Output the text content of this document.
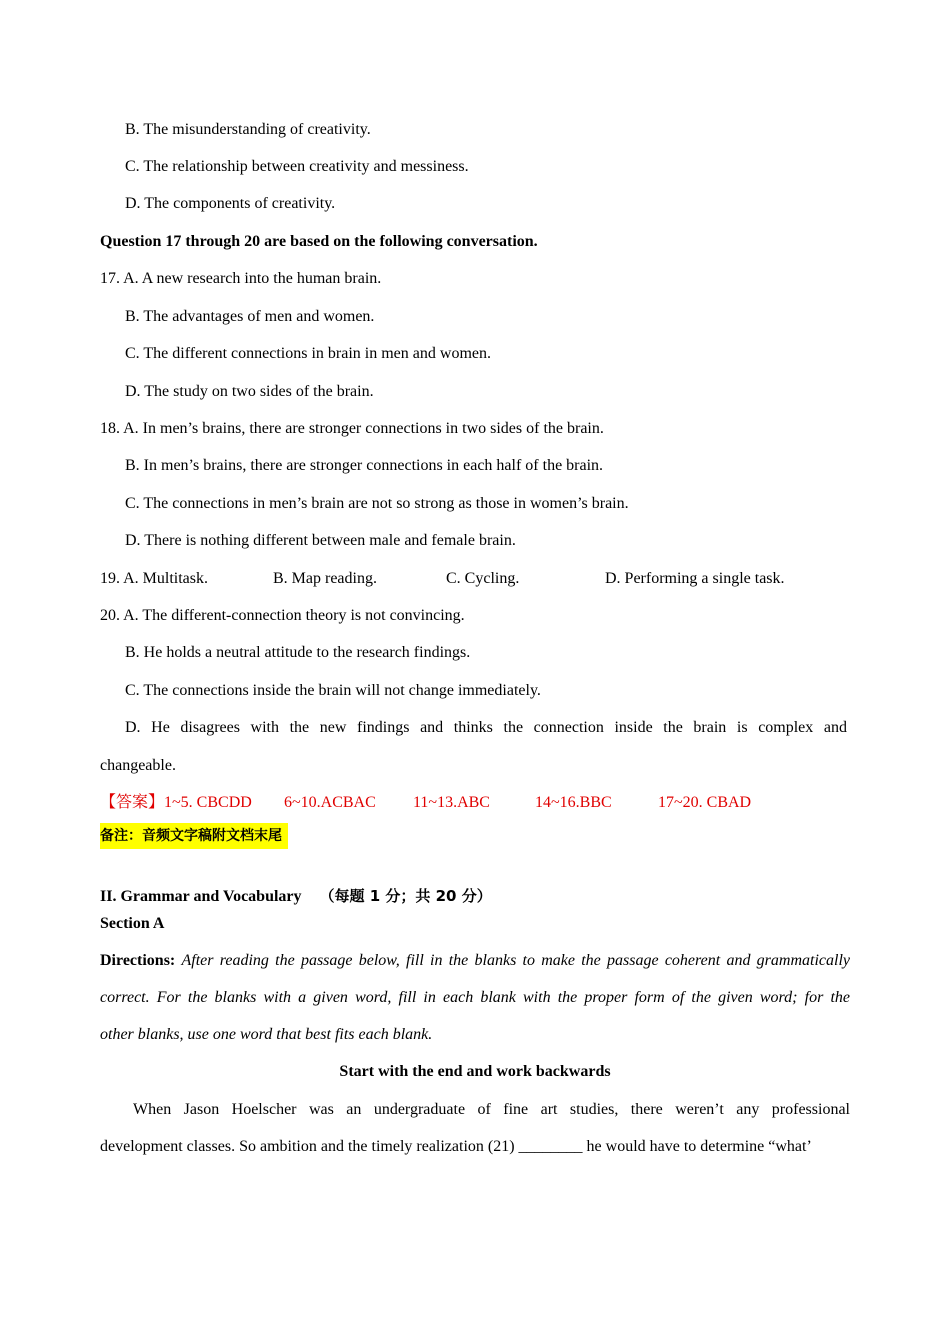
B. The misunderstanding of creativity.
C. The relationship between creativity and messiness.
D. The components of creativity.
Question 17 through 20 are based on the following conversation.
17. A. A new research into the human brain.
B. The advantages of men and women.
C. The different connections in brain in men and women.
D. The study on two sides of the brain.
18. A. In men’s brains, there are stronger connections in two sides of the brain.
B. In men’s brains, there are stronger connections in each half of the brain.
C. The connections in men’s brain are not so strong as those in women’s brain.
D. There is nothing different between male and female brain.
19. A. Multitask.	B. Map reading.	C. Cycling.	D. Performing a single task.
20. A. The different-connection theory is not convincing.
B. He holds a neutral attitude to the research findings.
C. The connections inside the brain will not change immediately.
D. He disagrees with the new findings and thinks the connection inside the brain is complex and
changeable.
【答案】1~5. CBCDD 6~10.ACBAC 11~13.ABC	14~16.BBC	17~20. CBAD
备注：音频文字稿附文档末尾
II. Grammar and Vocabulary （每题 1 分；共 20 分）
Section A
Directions: After reading the passage below, fill in the blanks to make the passage coherent and grammatically
correct. For the blanks with a given word, fill in each blank with the proper form of the given word; for the
other blanks, use one word that best fits each blank.
Start with the end and work backwards
When Jason Hoelscher was an undergraduate of fine art studies, there weren’t any professional
development classes. So ambition and the timely realization (21) ________ he would have to determine “what’
